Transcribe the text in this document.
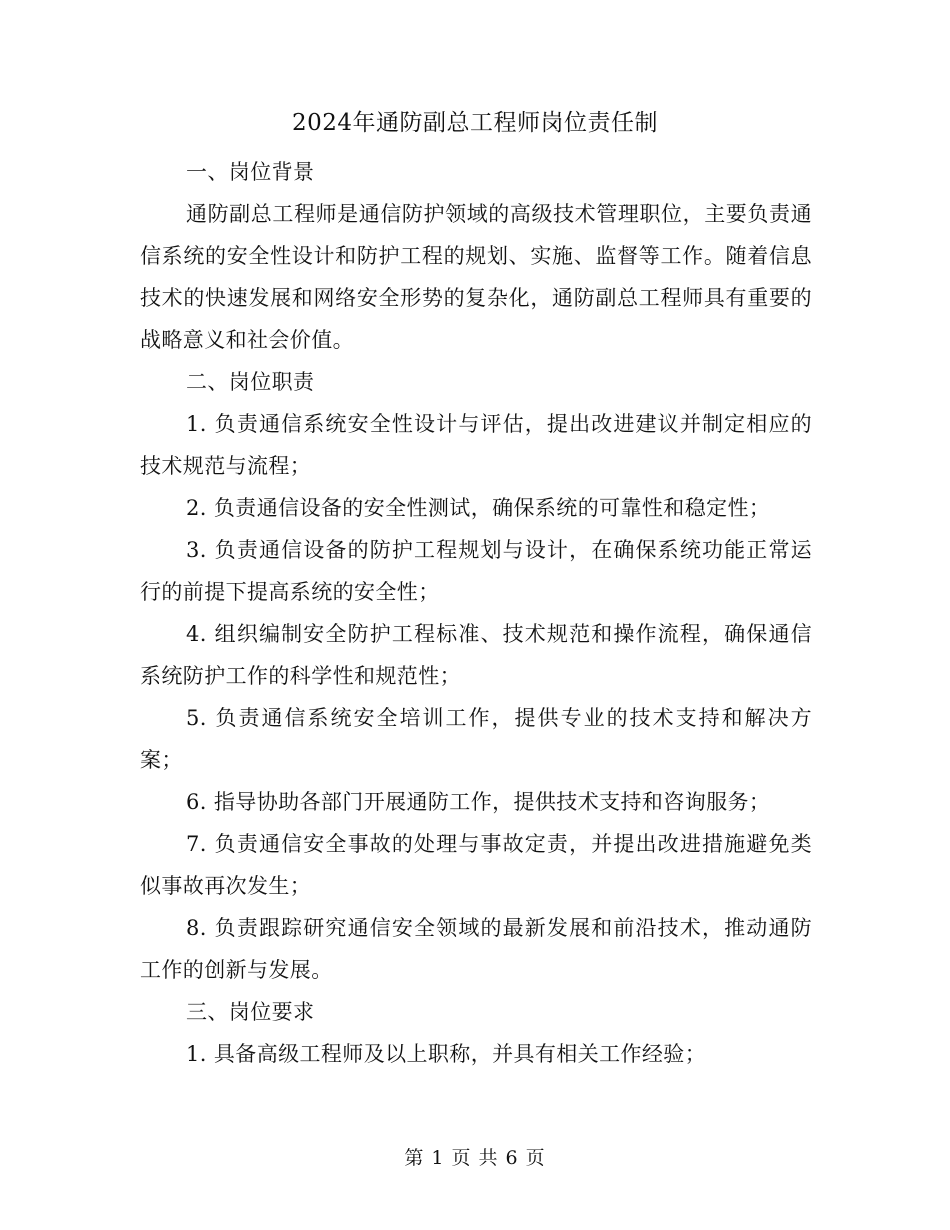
2024年通防副总工程师岗位责任制

一、岗位背景

通防副总工程师是通信防护领域的高级技术管理职位，主要负责通信系统的安全性设计和防护工程的规划、实施、监督等工作。随着信息技术的快速发展和网络安全形势的复杂化，通防副总工程师具有重要的战略意义和社会价值。

二、岗位职责

1. 负责通信系统安全性设计与评估，提出改进建议并制定相应的技术规范与流程；

2. 负责通信设备的安全性测试，确保系统的可靠性和稳定性；

3. 负责通信设备的防护工程规划与设计，在确保系统功能正常运行的前提下提高系统的安全性；

4. 组织编制安全防护工程标准、技术规范和操作流程，确保通信系统防护工作的科学性和规范性；

5. 负责通信系统安全培训工作，提供专业的技术支持和解决方案；

6. 指导协助各部门开展通防工作，提供技术支持和咨询服务；

7. 负责通信安全事故的处理与事故定责，并提出改进措施避免类似事故再次发生；

8. 负责跟踪研究通信安全领域的最新发展和前沿技术，推动通防工作的创新与发展。

三、岗位要求

1. 具备高级工程师及以上职称，并具有相关工作经验；

第 1 页 共 6 页
